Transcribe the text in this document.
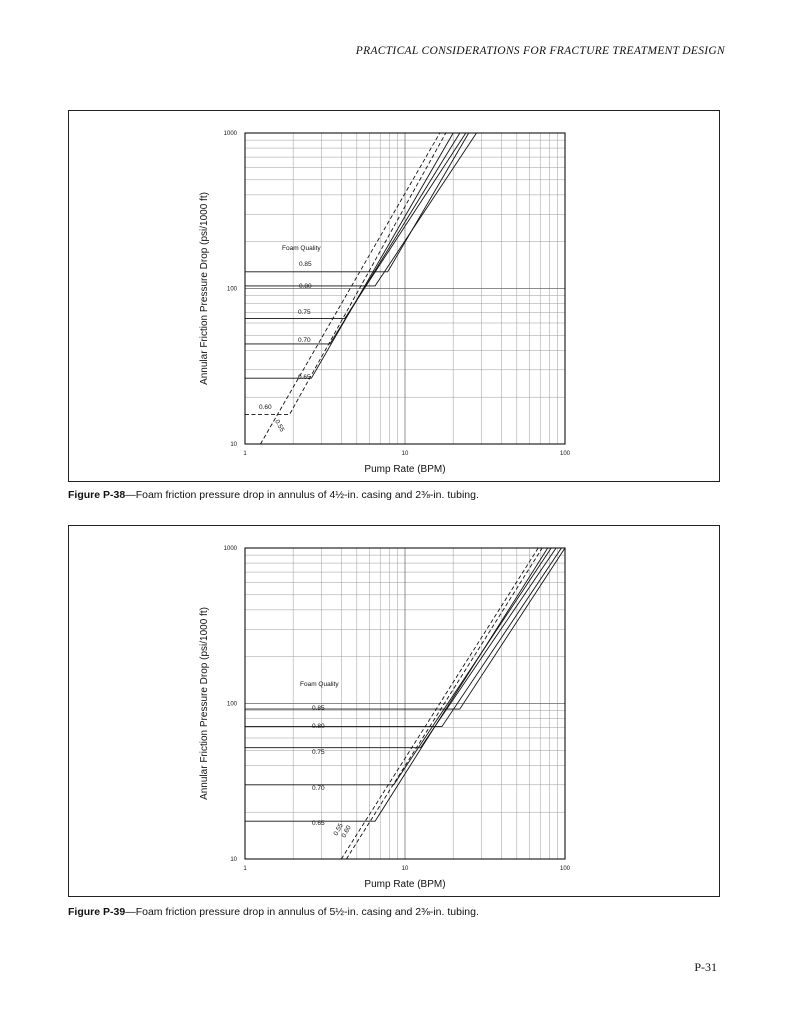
PRACTICAL CONSIDERATIONS FOR FRACTURE TREATMENT DESIGN
1	10	100
10
100
1000
Pump Rate (BPM)
Annular Friction Pressure Drop (psi/1000 ft)	Foam Quality
0.85
0.80
0.75
0.70
0.65
0.60
0.55
Figure P-38—Foam friction pressure drop in annulus of 4½-in. casing and 2⅜-in. tubing.
1	10	100
10
100
1000
Pump Rate (BPM)
Annular Friction Pressure Drop (psi/1000 ft)	Foam Quality
0.85
0.80
0.75
0.70
0.65
0.60
0.55
Figure P-39—Foam friction pressure drop in annulus of 5½-in. casing and 2⅜-in. tubing.
P-31
